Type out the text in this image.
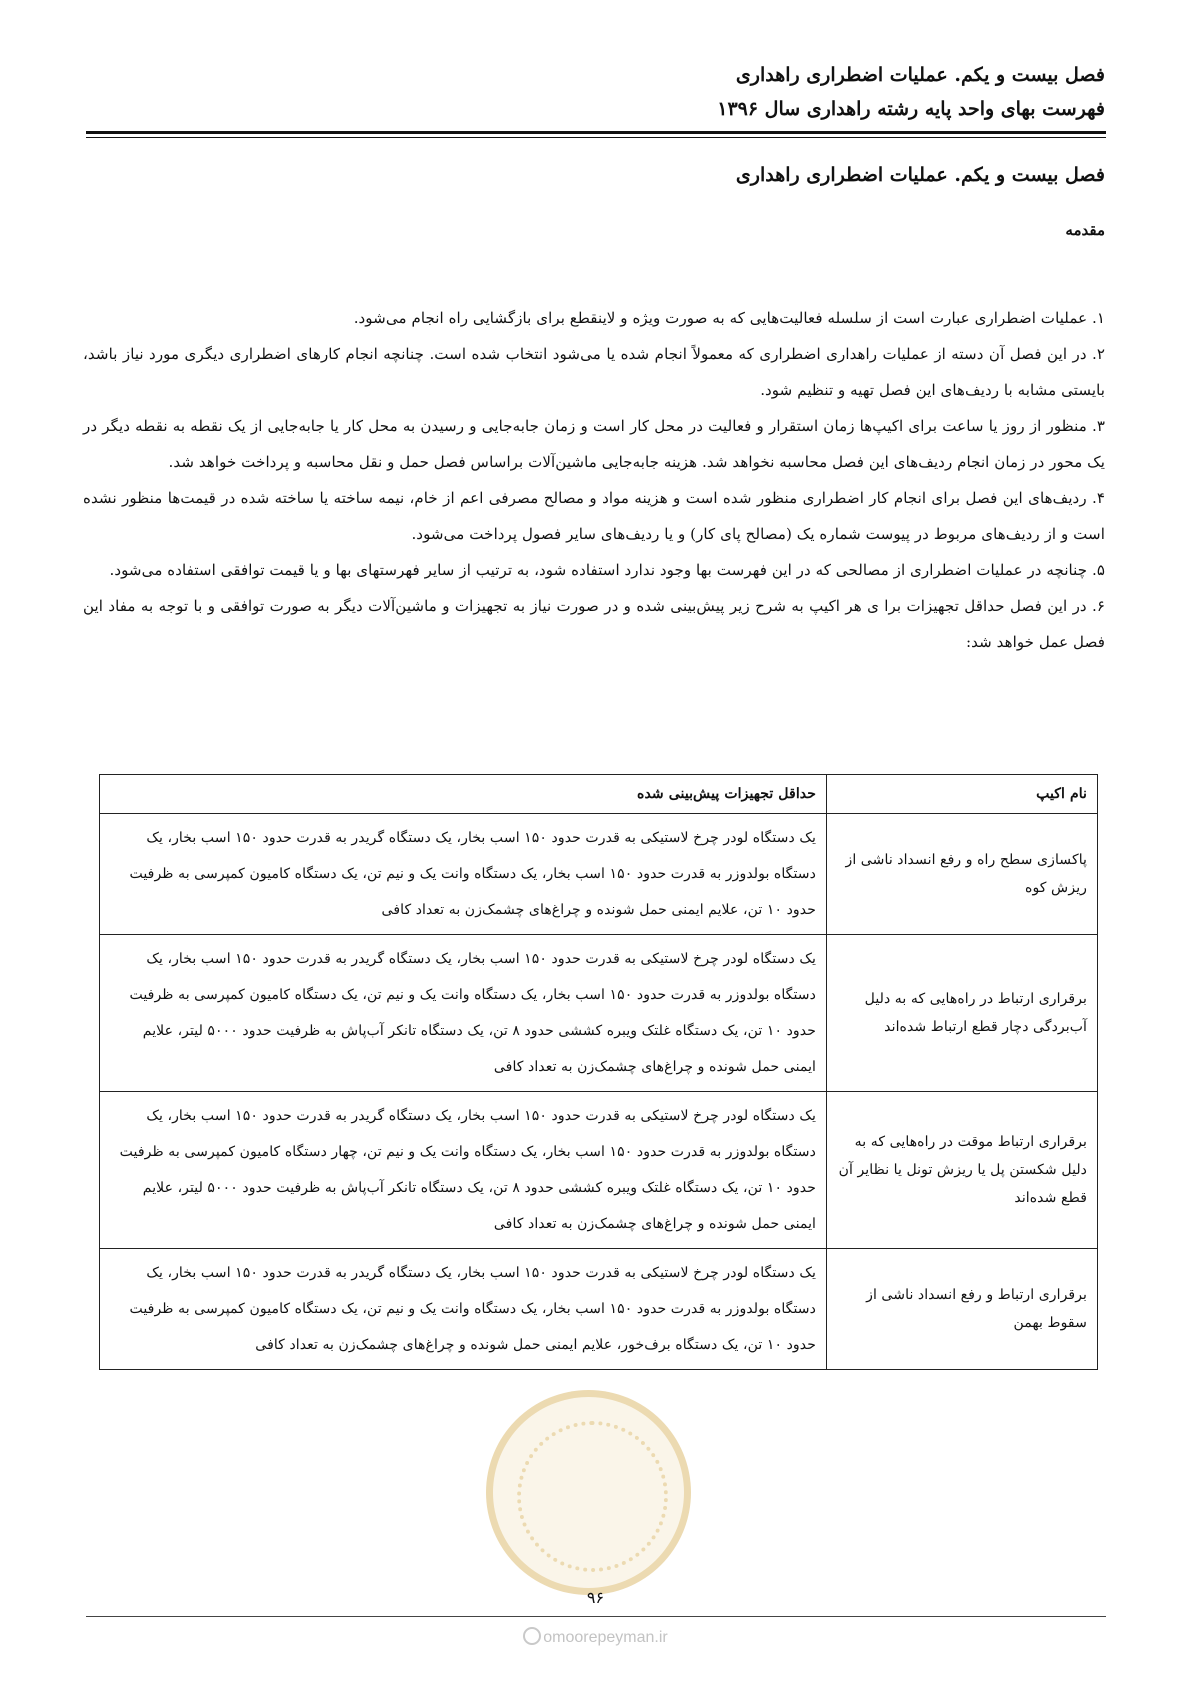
فصل بیست و یکم. عملیات اضطراری راهداری
فهرست بهای واحد پایه رشته راهداری سال ۱۳۹۶
فصل بیست و یکم. عملیات اضطراری راهداری
مقدمه

۱. عملیات اضطراری عبارت است از سلسله فعالیت‌هایی که به صورت ویژه و لاینقطع برای بازگشایی راه انجام می‌شود.

۲. در این فصل آن دسته از عملیات راهداری اضطراری که معمولاً انجام شده یا می‌شود انتخاب شده است. چنانچه انجام کارهای اضطراری دیگری مورد نیاز باشد، بایستی مشابه با ردیف‌های این فصل تهیه و تنظیم شود.

۳. منظور از روز یا ساعت برای اکیپ‌ها زمان استقرار و فعالیت در محل کار است و زمان جابه‌جایی و رسیدن به محل کار یا جابه‌جایی از یک نقطه به نقطه دیگر در یک محور در زمان انجام ردیف‌های این فصل محاسبه نخواهد شد. هزینه جابه‌جایی ماشین‌آلات براساس فصل حمل و نقل محاسبه و پرداخت خواهد شد.

۴. ردیف‌های این فصل برای انجام کار اضطراری منظور شده است و هزینه مواد و مصالح مصرفی اعم از خام، نیمه ساخته یا ساخته شده در قیمت‌ها منظور نشده است و از ردیف‌های مربوط در پیوست شماره یک (مصالح پای کار) و یا ردیف‌های سایر فصول پرداخت می‌شود.

۵. چنانچه در عملیات اضطراری از مصالحی که در این فهرست بها وجود ندارد استفاده شود، به ترتیب از سایر فهرستهای بها و یا قیمت توافقی استفاده می‌شود.

۶. در این فصل حداقل تجهیزات برا ی هر اکیپ به شرح زیر پیش‌بینی شده و در صورت نیاز به تجهیزات و ماشین‌آلات دیگر به صورت توافقی و با توجه به مفاد این فصل عمل خواهد شد:

نام اکیپ	حداقل تجهیزات پیش‌بینی شده
پاکسازی سطح راه و رفع انسداد ناشی از ریزش کوه	یک دستگاه لودر چرخ لاستیکی به قدرت حدود ۱۵۰ اسب بخار، یک دستگاه گریدر به قدرت حدود ۱۵۰ اسب بخار، یک دستگاه بولدوزر به قدرت حدود ۱۵۰ اسب بخار، یک دستگاه وانت یک و نیم تن، یک دستگاه کامیون کمپرسی به ظرفیت حدود ۱۰ تن، علایم ایمنی حمل شونده و چراغ‌های چشمک‌زن به تعداد کافی
برقراری ارتباط در راه‌هایی که به دلیل آب‌بردگی دچار قطع ارتباط شده‌اند	یک دستگاه لودر چرخ لاستیکی به قدرت حدود ۱۵۰ اسب بخار، یک دستگاه گریدر به قدرت حدود ۱۵۰ اسب بخار، یک دستگاه بولدوزر به قدرت حدود ۱۵۰ اسب بخار، یک دستگاه وانت یک و نیم تن، یک دستگاه کامیون کمپرسی به ظرفیت حدود ۱۰ تن، یک دستگاه غلتک ویبره کششی حدود ۸ تن، یک دستگاه تانکر آب‌پاش به ظرفیت حدود ۵۰۰۰ لیتر، علایم ایمنی حمل شونده و چراغ‌های چشمک‌زن به تعداد کافی
برقراری ارتباط موقت در راه‌هایی که به دلیل شکستن پل یا ریزش تونل یا نظایر آن قطع شده‌اند	یک دستگاه لودر چرخ لاستیکی به قدرت حدود ۱۵۰ اسب بخار، یک دستگاه گریدر به قدرت حدود ۱۵۰ اسب بخار، یک دستگاه بولدوزر به قدرت حدود ۱۵۰ اسب بخار، یک دستگاه وانت یک و نیم تن، چهار دستگاه کامیون کمپرسی به ظرفیت حدود ۱۰ تن، یک دستگاه غلتک ویبره کششی حدود ۸ تن، یک دستگاه تانکر آب‌پاش به ظرفیت حدود ۵۰۰۰ لیتر، علایم ایمنی حمل شونده و چراغ‌های چشمک‌زن به تعداد کافی
برقراری ارتباط و رفع انسداد ناشی از سقوط بهمن	یک دستگاه لودر چرخ لاستیکی به قدرت حدود ۱۵۰ اسب بخار، یک دستگاه گریدر به قدرت حدود ۱۵۰ اسب بخار، یک دستگاه بولدوزر به قدرت حدود ۱۵۰ اسب بخار، یک دستگاه وانت یک و نیم تن، یک دستگاه کامیون کمپرسی به ظرفیت حدود ۱۰ تن، یک دستگاه برف‌خور، علایم ایمنی حمل شونده و چراغ‌های چشمک‌زن به تعداد کافی
۹۶
omoorepeyman.ir
